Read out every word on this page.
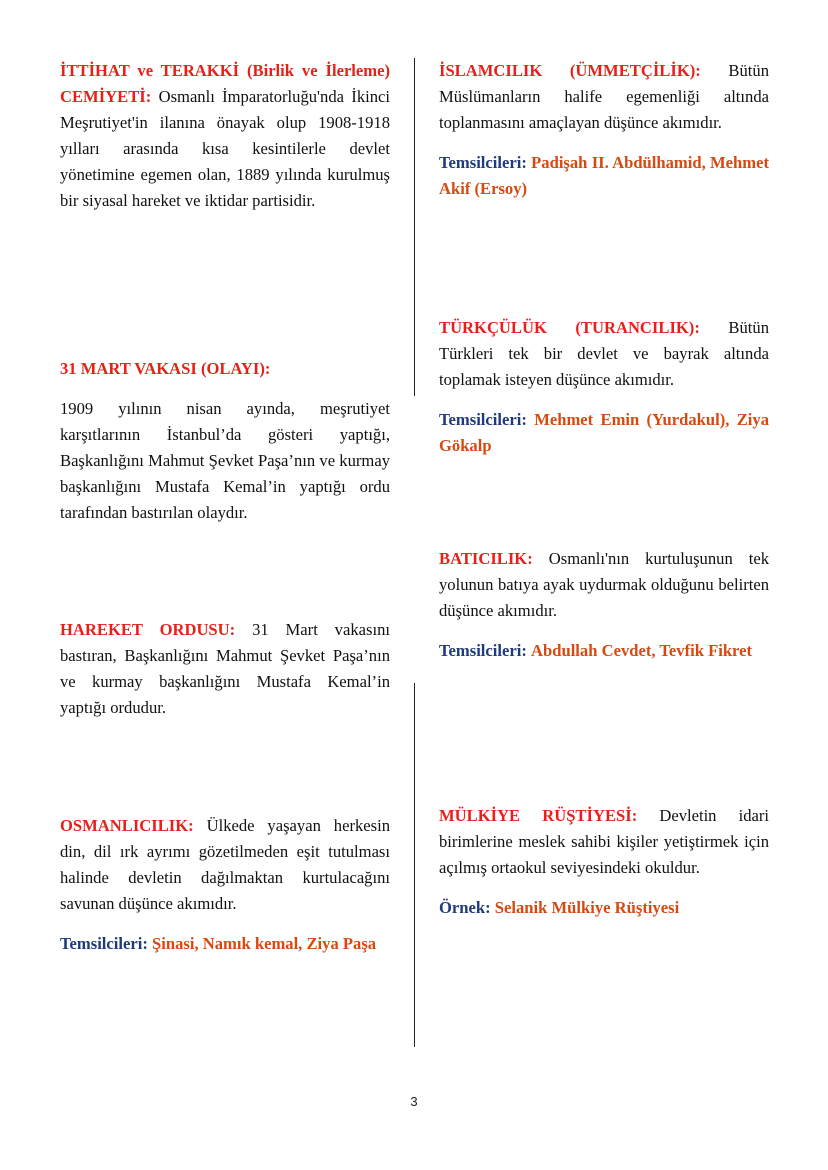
İTTİHAT ve TERAKKİ (Birlik ve İlerleme) CEMİYETİ: Osmanlı İmparatorluğu'nda İkinci Meşrutiyet'in ilanına önayak olup 1908-1918 yılları arasında kısa kesintilerle devlet yönetimine egemen olan, 1889 yılında kurulmuş bir siyasal hareket ve iktidar partisidir.

31 MART VAKASI (OLAYI):

1909 yılının nisan ayında, meşrutiyet karşıtlarının İstanbul’da gösteri yaptığı, Başkanlığını Mahmut Şevket Paşa’nın ve kurmay başkanlığını Mustafa Kemal’in yaptığı ordu tarafından bastırılan olaydır.

HAREKET ORDUSU: 31 Mart vakasını bastıran, Başkanlığını Mahmut Şevket Paşa’nın ve kurmay başkanlığını Mustafa Kemal’in yaptığı ordudur.

OSMANLICILIK: Ülkede yaşayan herkesin din, dil ırk ayrımı gözetilmeden eşit tutulması halinde devletin dağılmaktan kurtulacağını savunan düşünce akımıdır.

Temsilcileri: Şinasi, Namık kemal, Ziya Paşa

İSLAMCILIK (ÜMMETÇİLİK): Bütün Müslümanların halife egemenliği altında toplanmasını amaçlayan düşünce akımıdır.

Temsilcileri: Padişah II. Abdülhamid, Mehmet Akif (Ersoy)

TÜRKÇÜLÜK (TURANCILIK): Bütün Türkleri tek bir devlet ve bayrak altında toplamak isteyen düşünce akımıdır.

Temsilcileri: Mehmet Emin (Yurdakul), Ziya Gökalp

BATICILIK: Osmanlı'nın kurtuluşunun tek yolunun batıya ayak uydurmak olduğunu belirten düşünce akımıdır.

Temsilcileri: Abdullah Cevdet, Tevfik Fikret

MÜLKİYE RÜŞTİYESİ: Devletin idari birimlerine meslek sahibi kişiler yetiştirmek için açılmış ortaokul seviyesindeki okuldur.

Örnek: Selanik Mülkiye Rüştiyesi

3
